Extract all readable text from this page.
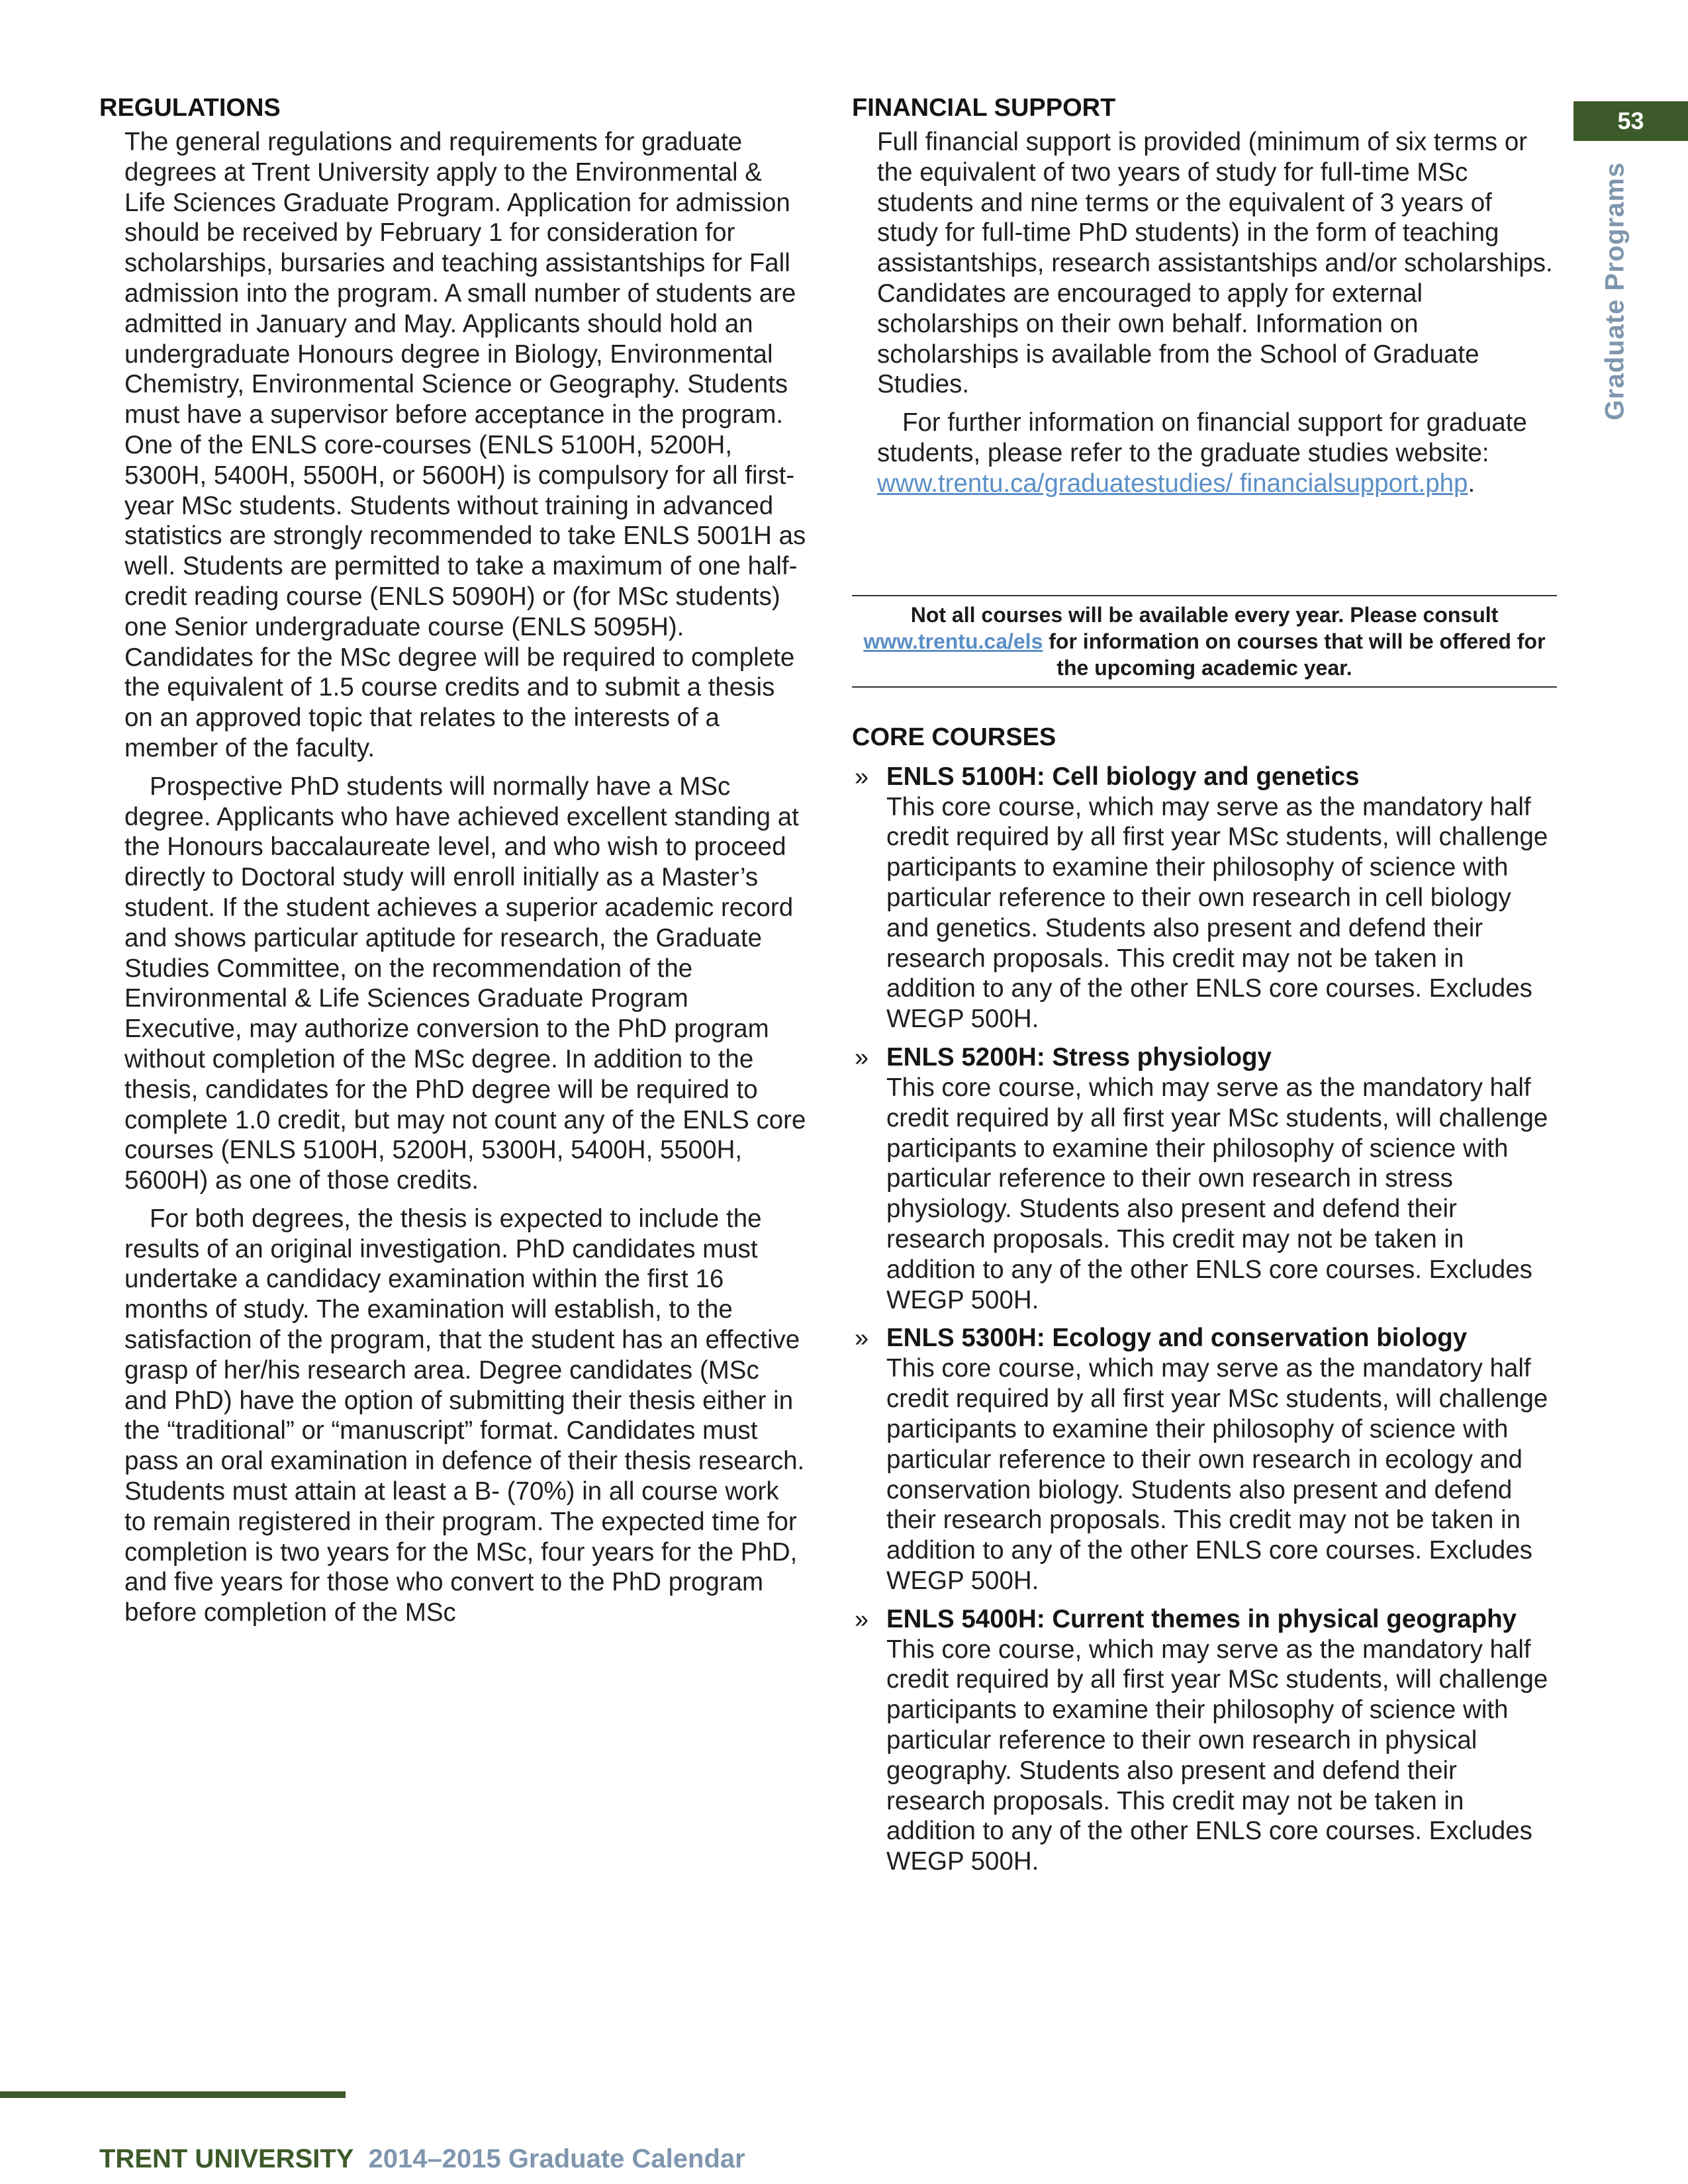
53
Graduate Programs
REGULATIONS

The general regulations and requirements for graduate degrees at Trent University apply to the Environmental & Life Sciences Graduate Program. Application for admission should be received by February 1 for consideration for scholarships, bursaries and teaching assistantships for Fall admission into the program. A small number of students are admitted in January and May. Applicants should hold an undergraduate Honours degree in Biology, Environmental Chemistry, Environmental Science or Geography. Students must have a supervisor before acceptance in the program. One of the ENLS core-courses (ENLS 5100H, 5200H, 5300H, 5400H, 5500H, or 5600H) is compulsory for all first-year MSc students. Students without training in advanced statistics are strongly recommended to take ENLS 5001H as well. Students are permitted to take a maximum of one half-credit reading course (ENLS 5090H) or (for MSc students) one Senior undergraduate course (ENLS 5095H). Candidates for the MSc degree will be required to complete the equivalent of 1.5 course credits and to submit a thesis on an approved topic that relates to the interests of a member of the faculty.

Prospective PhD students will normally have a MSc degree. Applicants who have achieved excellent standing at the Honours baccalaureate level, and who wish to proceed directly to Doctoral study will enroll initially as a Master’s student. If the student achieves a superior academic record and shows particular aptitude for research, the Graduate Studies Committee, on the recommendation of the Environmental & Life Sciences Graduate Program Executive, may authorize conversion to the PhD program without completion of the MSc degree. In addition to the thesis, candidates for the PhD degree will be required to complete 1.0 credit, but may not count any of the ENLS core courses (ENLS 5100H, 5200H, 5300H, 5400H, 5500H, 5600H) as one of those credits.

For both degrees, the thesis is expected to include the results of an original investigation. PhD candidates must undertake a candidacy examination within the first 16 months of study. The examination will establish, to the satisfaction of the program, that the student has an effective grasp of her/his research area. Degree candidates (MSc and PhD) have the option of submitting their thesis either in the “traditional” or “manuscript” format. Candidates must pass an oral examination in defence of their thesis research. Students must attain at least a B- (70%) in all course work to remain registered in their program. The expected time for completion is two years for the MSc, four years for the PhD, and five years for those who convert to the PhD program before completion of the MSc

FINANCIAL SUPPORT

Full financial support is provided (minimum of six terms or the equivalent of two years of study for full-time MSc students and nine terms or the equivalent of 3 years of study for full-time PhD students) in the form of teaching assistantships, research assistantships and/or scholarships. Candidates are encouraged to apply for external scholarships on their own behalf. Information on scholarships is available from the School of Graduate Studies.

For further information on financial support for graduate students, please refer to the graduate studies website: www.trentu.ca/graduatestudies/ financialsupport.php.

Not all courses will be available every year. Please consult
www.trentu.ca/els for information on courses that will be offered for the upcoming academic year.
CORE COURSES
» ENLS 5100H: Cell biology and genetics

This core course, which may serve as the mandatory half credit required by all first year MSc students, will challenge participants to examine their philosophy of science with particular reference to their own research in cell biology and genetics. Students also present and defend their research proposals. This credit may not be taken in addition to any of the other ENLS core courses. Excludes WEGP 500H.

» ENLS 5200H: Stress physiology

This core course, which may serve as the mandatory half credit required by all first year MSc students, will challenge participants to examine their philosophy of science with particular reference to their own research in stress physiology. Students also present and defend their research proposals. This credit may not be taken in addition to any of the other ENLS core courses. Excludes WEGP 500H.

» ENLS 5300H: Ecology and conservation biology

This core course, which may serve as the mandatory half credit required by all first year MSc students, will challenge participants to examine their philosophy of science with particular reference to their own research in ecology and conservation biology. Students also present and defend their research proposals. This credit may not be taken in addition to any of the other ENLS core courses. Excludes WEGP 500H.

» ENLS 5400H: Current themes in physical geography

This core course, which may serve as the mandatory half credit required by all first year MSc students, will challenge participants to examine their philosophy of science with particular reference to their own research in physical geography. Students also present and defend their research proposals. This credit may not be taken in addition to any of the other ENLS core courses. Excludes WEGP 500H.

TRENT UNIVERSITY 2014–2015 Graduate Calendar
